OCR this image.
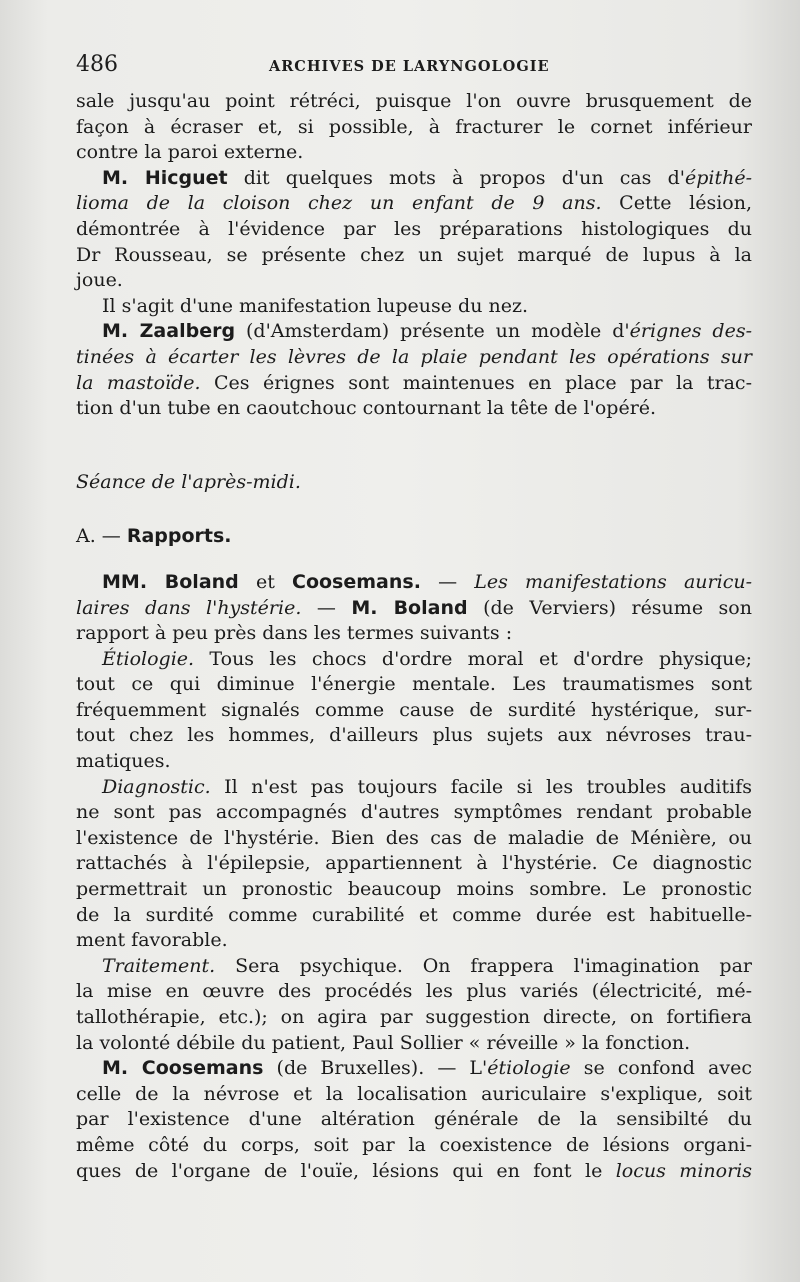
486	ARCHIVES DE LARYNGOLOGIE
sale jusqu'au point rétréci, puisque l'on ouvre brusquement de
façon à écraser et, si possible, à fracturer le cornet inférieur
contre la paroi externe.
M. Hicguet dit quelques mots à propos d'un cas d'épithé-
lioma de la cloison chez un enfant de 9 ans. Cette lésion,
démontrée à l'évidence par les préparations histologiques du
Dr Rousseau, se présente chez un sujet marqué de lupus à la
joue.
Il s'agit d'une manifestation lupeuse du nez.
M. Zaalberg (d'Amsterdam) présente un modèle d'érignes des-
tinées à écarter les lèvres de la plaie pendant les opérations sur
la mastoïde. Ces érignes sont maintenues en place par la trac-
tion d'un tube en caoutchouc contournant la tête de l'opéré.

Séance de l'après-midi.

A. — Rapports.

MM. Boland et Coosemans. — Les manifestations auricu-
laires dans l'hystérie. — M. Boland (de Verviers) résume son
rapport à peu près dans les termes suivants :
Étiologie. Tous les chocs d'ordre moral et d'ordre physique;
tout ce qui diminue l'énergie mentale. Les traumatismes sont
fréquemment signalés comme cause de surdité hystérique, sur-
tout chez les hommes, d'ailleurs plus sujets aux névroses trau-
matiques.
Diagnostic. Il n'est pas toujours facile si les troubles auditifs
ne sont pas accompagnés d'autres symptômes rendant probable
l'existence de l'hystérie. Bien des cas de maladie de Ménière, ou
rattachés à l'épilepsie, appartiennent à l'hystérie. Ce diagnostic
permettrait un pronostic beaucoup moins sombre. Le pronostic
de la surdité comme curabilité et comme durée est habituelle-
ment favorable.
Traitement. Sera psychique. On frappera l'imagination par
la mise en œuvre des procédés les plus variés (électricité, mé-
tallothérapie, etc.); on agira par suggestion directe, on fortifiera
la volonté débile du patient, Paul Sollier « réveille » la fonction.
M. Coosemans (de Bruxelles). — L'étiologie se confond avec
celle de la névrose et la localisation auriculaire s'explique, soit
par l'existence d'une altération générale de la sensibilté du
même côté du corps, soit par la coexistence de lésions organi-
ques de l'organe de l'ouïe, lésions qui en font le locus minoris
